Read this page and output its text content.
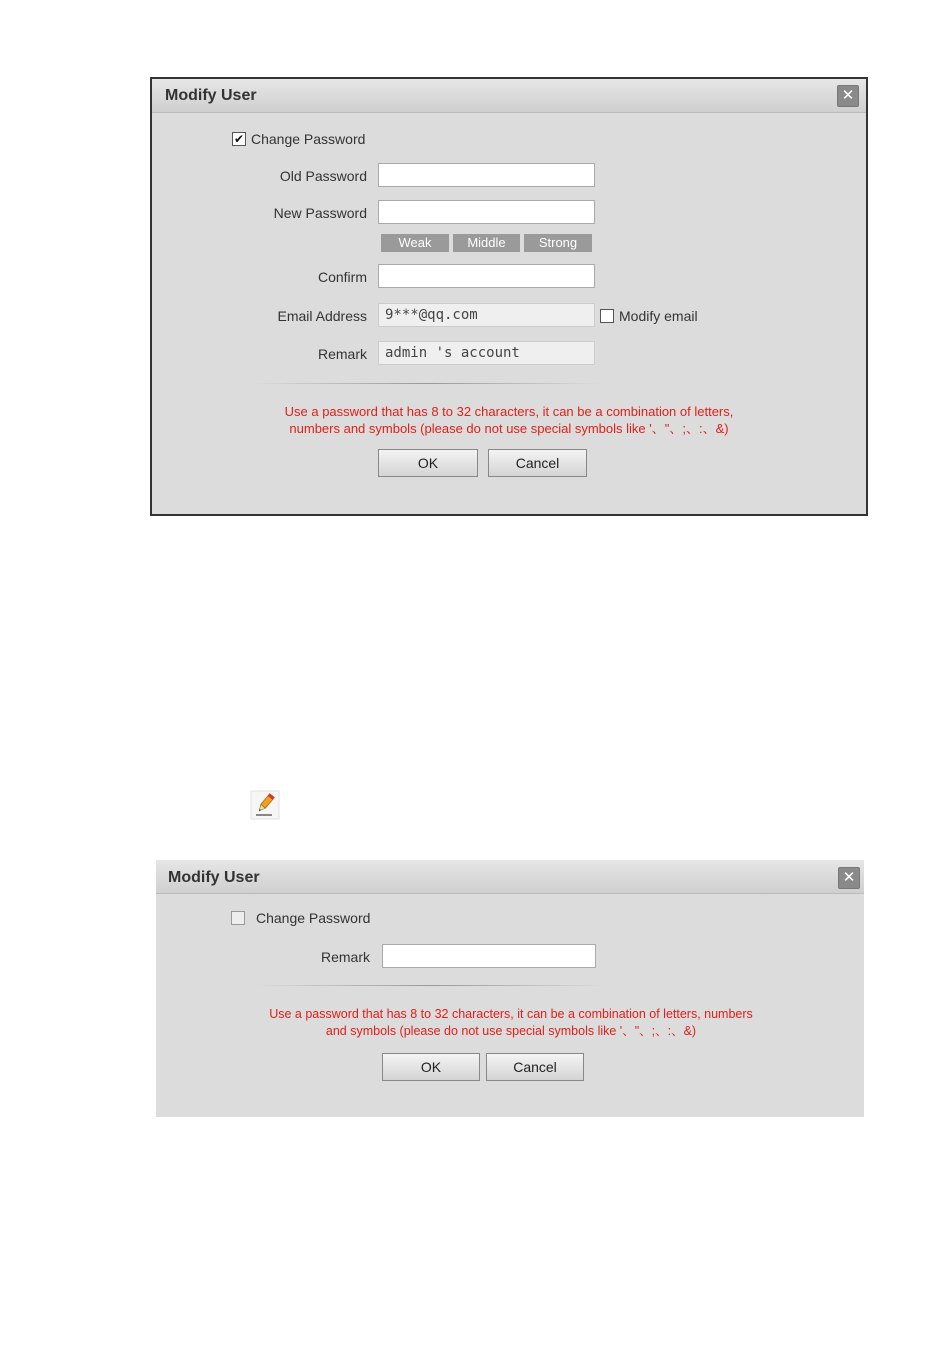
Modify User	✕
✔ Change Password
Old Password
New Password
Weak	Middle	Strong
Confirm
Email Address	9***@qq.com	Modify email
Remark	admin 's account
Use a password that has 8 to 32 characters, it can be a combination of letters,
numbers and symbols (please do not use special symbols like '、"、;、:、&)
OK	Cancel
Modify User	✕
Change Password
Remark
Use a password that has 8 to 32 characters, it can be a combination of letters, numbers
and symbols (please do not use special symbols like '、"、;、:、&)
OK	Cancel
